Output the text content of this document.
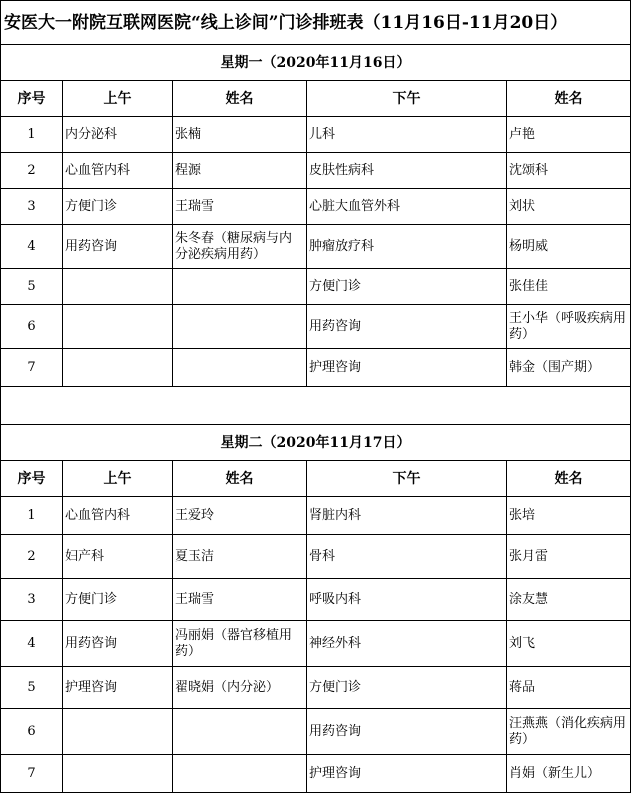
安医大一附院互联网医院“线上诊间”门诊排班表（11月16日-11月20日）				
星期一（2020年11月16日）				
序号	上午	姓名	下午	姓名
1	内分泌科	张楠	儿科	卢艳
2	心血管内科	程源	皮肤性病科	沈颂科
3	方便门诊	王瑞雪	心脏大血管外科	刘状
4	用药咨询	朱冬春（糖尿病与内分泌疾病用药）	肿瘤放疗科	杨明威
5			方便门诊	张佳佳
6			用药咨询	王小华（呼吸疾病用药）
7			护理咨询	韩金（围产期）

星期二（2020年11月17日）				
序号	上午	姓名	下午	姓名
1	心血管内科	王爱玲	肾脏内科	张培
2	妇产科	夏玉洁	骨科	张月雷
3	方便门诊	王瑞雪	呼吸内科	涂友慧
4	用药咨询	冯丽娟（器官移植用药）	神经外科	刘飞
5	护理咨询	翟晓娟（内分泌）	方便门诊	蒋品
6			用药咨询	汪燕燕（消化疾病用药）
7			护理咨询	肖娟（新生儿）
